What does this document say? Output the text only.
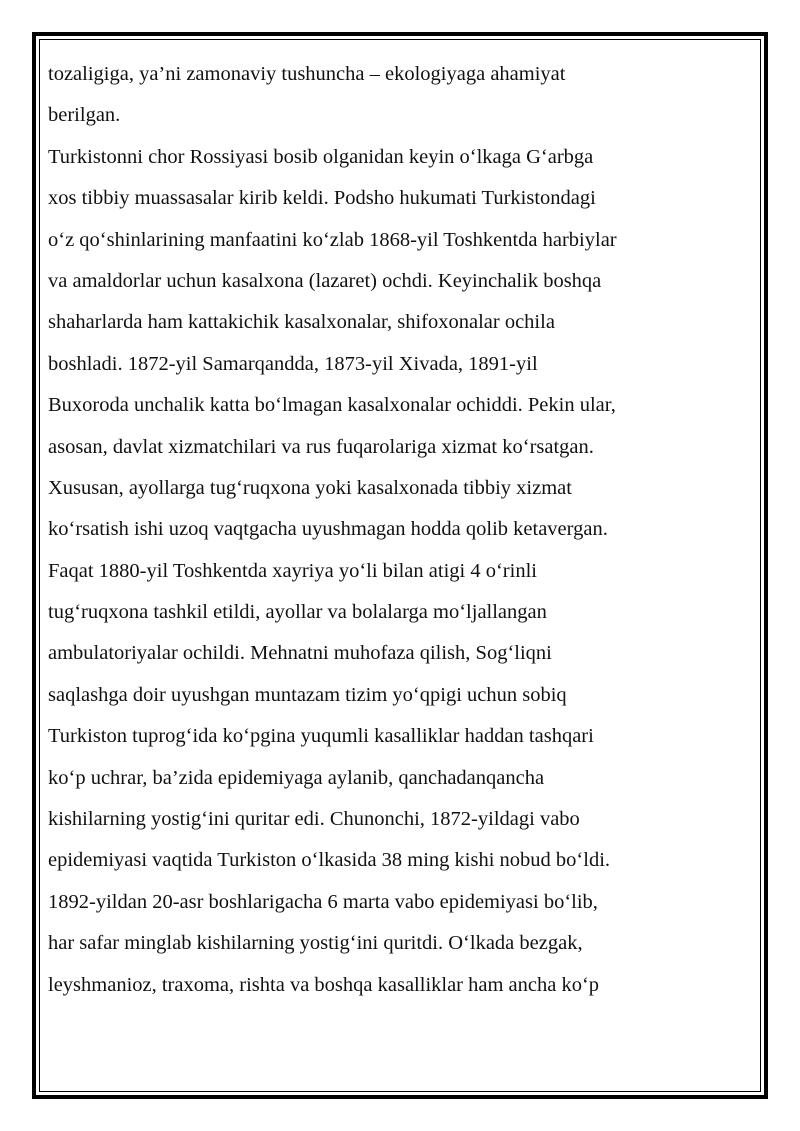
tozaligiga, ya’ni zamonaviy tushuncha – ekologiyaga ahamiyat
berilgan.
Turkistonni chor Rossiyasi bosib olganidan keyin o‘lkaga G‘arbga
xos tibbiy muassasalar kirib keldi. Podsho hukumati Turkistondagi
o‘z qo‘shinlarining manfaatini ko‘zlab 1868-yil Toshkentda harbiylar
va amaldorlar uchun kasalxona (lazaret) ochdi. Keyinchalik boshqa
shaharlarda ham kattakichik kasalxonalar, shifoxonalar ochila
boshladi. 1872-yil Samarqandda, 1873-yil Xivada, 1891-yil
Buxoroda unchalik katta bo‘lmagan kasalxonalar ochiddi. Pekin ular,
asosan, davlat xizmatchilari va rus fuqarolariga xizmat ko‘rsatgan.
Xususan, ayollarga tug‘ruqxona yoki kasalxonada tibbiy xizmat
ko‘rsatish ishi uzoq vaqtgacha uyushmagan hodda qolib ketavergan.
Faqat 1880-yil Toshkentda xayriya yo‘li bilan atigi 4 o‘rinli
tug‘ruqxona tashkil etildi, ayollar va bolalarga mo‘ljallangan
ambulatoriyalar ochildi. Mehnatni muhofaza qilish, Sog‘liqni
saqlashga doir uyushgan muntazam tizim yo‘qpigi uchun sobiq
Turkiston tuprog‘ida ko‘pgina yuqumli kasalliklar haddan tashqari
ko‘p uchrar, ba’zida epidemiyaga aylanib, qanchadanqancha
kishilarning yostig‘ini quritar edi. Chunonchi, 1872-yildagi vabo
epidemiyasi vaqtida Turkiston o‘lkasida 38 ming kishi nobud bo‘ldi.
1892-yildan 20-asr boshlarigacha 6 marta vabo epidemiyasi bo‘lib,
har safar minglab kishilarning yostig‘ini quritdi. O‘lkada bezgak,
leyshmanioz, traxoma, rishta va boshqa kasalliklar ham ancha ko‘p
